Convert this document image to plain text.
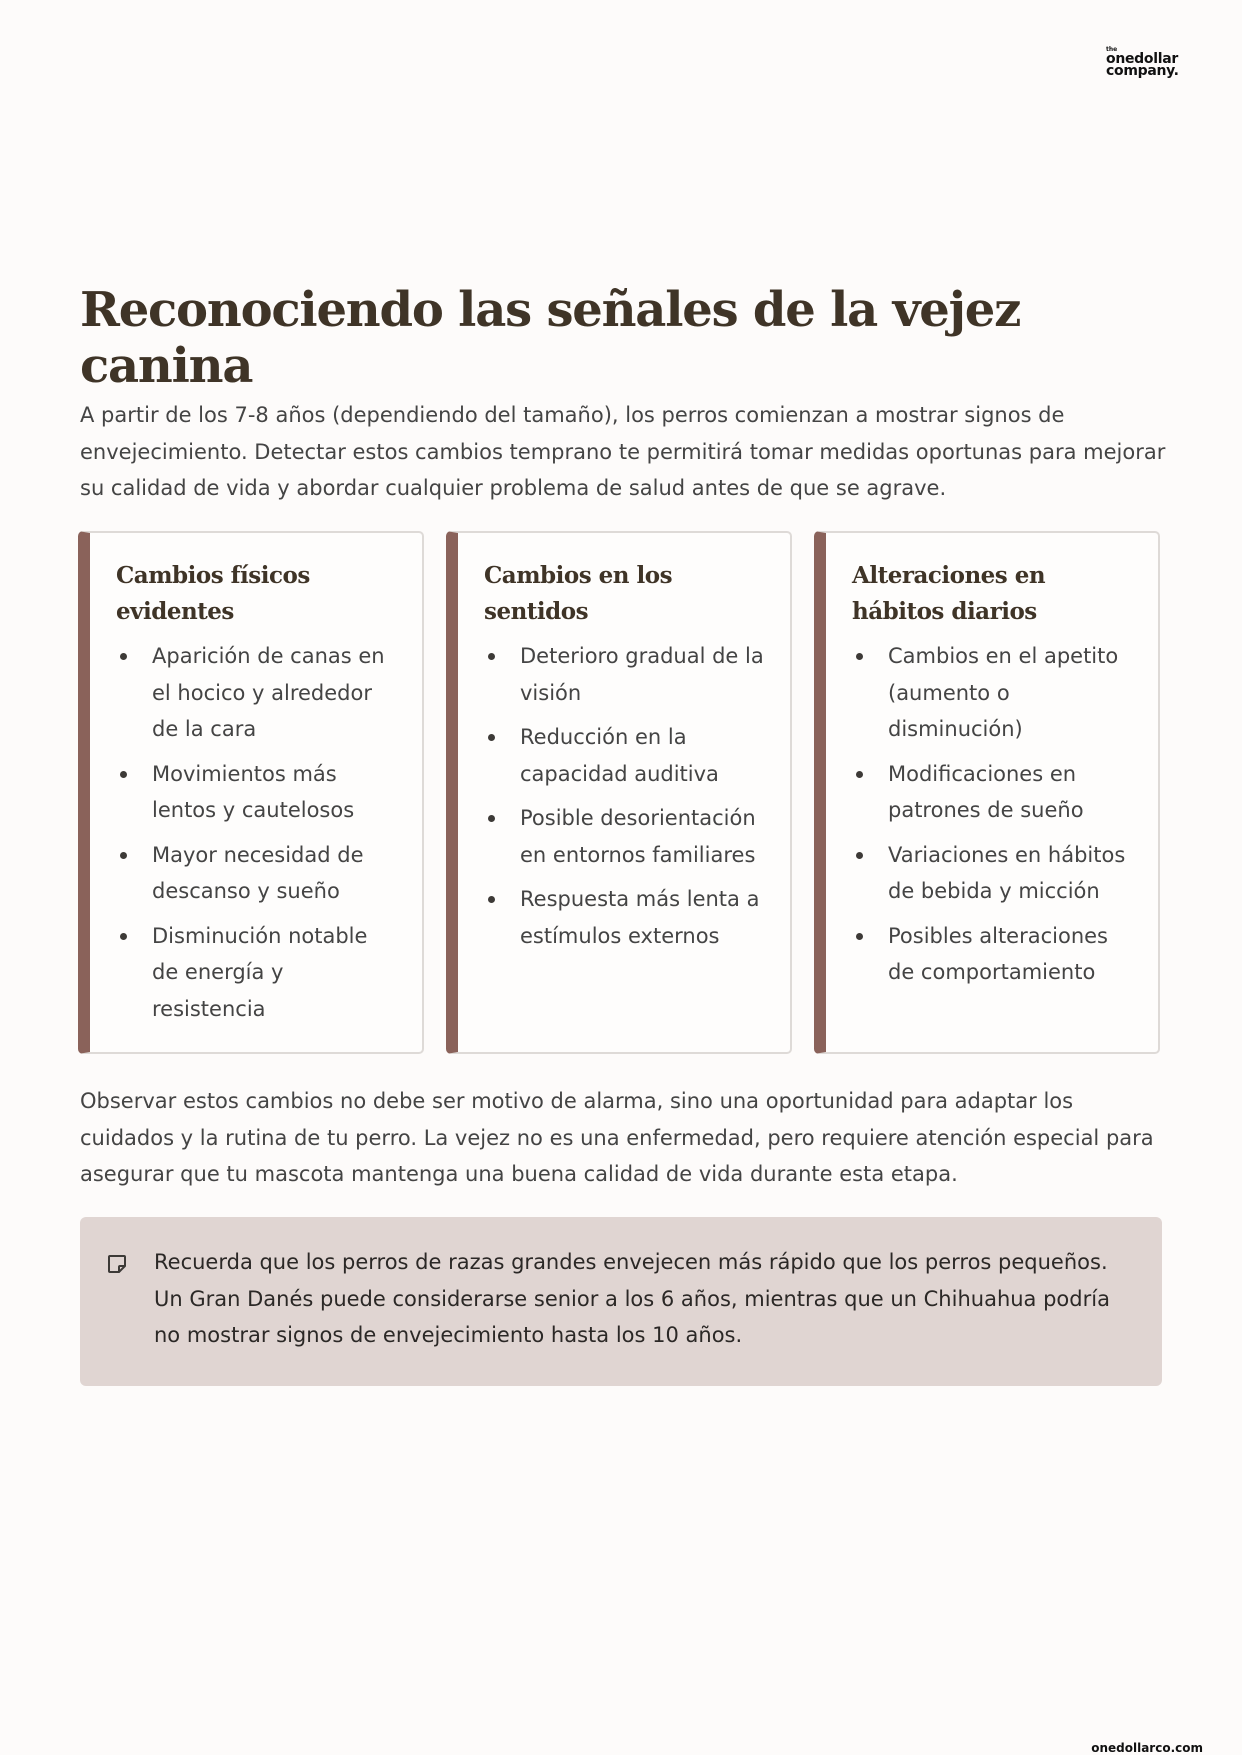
the
onedollar
company.
Reconociendo las señales de la vejez canina

A partir de los 7-8 años (dependiendo del tamaño), los perros comienzan a mostrar signos de envejecimiento. Detectar estos cambios temprano te permitirá tomar medidas oportunas para mejorar su calidad de vida y abordar cualquier problema de salud antes de que se agrave.

Cambios físicos evidentes
Aparición de canas en el hocico y alrededor de la cara
Movimientos más lentos y cautelosos
Mayor necesidad de descanso y sueño
Disminución notable de energía y resistencia
Cambios en los sentidos
Deterioro gradual de la visión
Reducción en la capacidad auditiva
Posible desorientación en entornos familiares
Respuesta más lenta a estímulos externos
Alteraciones en hábitos diarios
Cambios en el apetito (aumento o disminución)
Modificaciones en patrones de sueño
Variaciones en hábitos de bebida y micción
Posibles alteraciones de comportamiento

Observar estos cambios no debe ser motivo de alarma, sino una oportunidad para adaptar los cuidados y la rutina de tu perro. La vejez no es una enfermedad, pero requiere atención especial para asegurar que tu mascota mantenga una buena calidad de vida durante esta etapa.

Recuerda que los perros de razas grandes envejecen más rápido que los perros pequeños. Un Gran Danés puede considerarse senior a los 6 años, mientras que un Chihuahua podría no mostrar signos de envejecimiento hasta los 10 años.

onedollarco.com
